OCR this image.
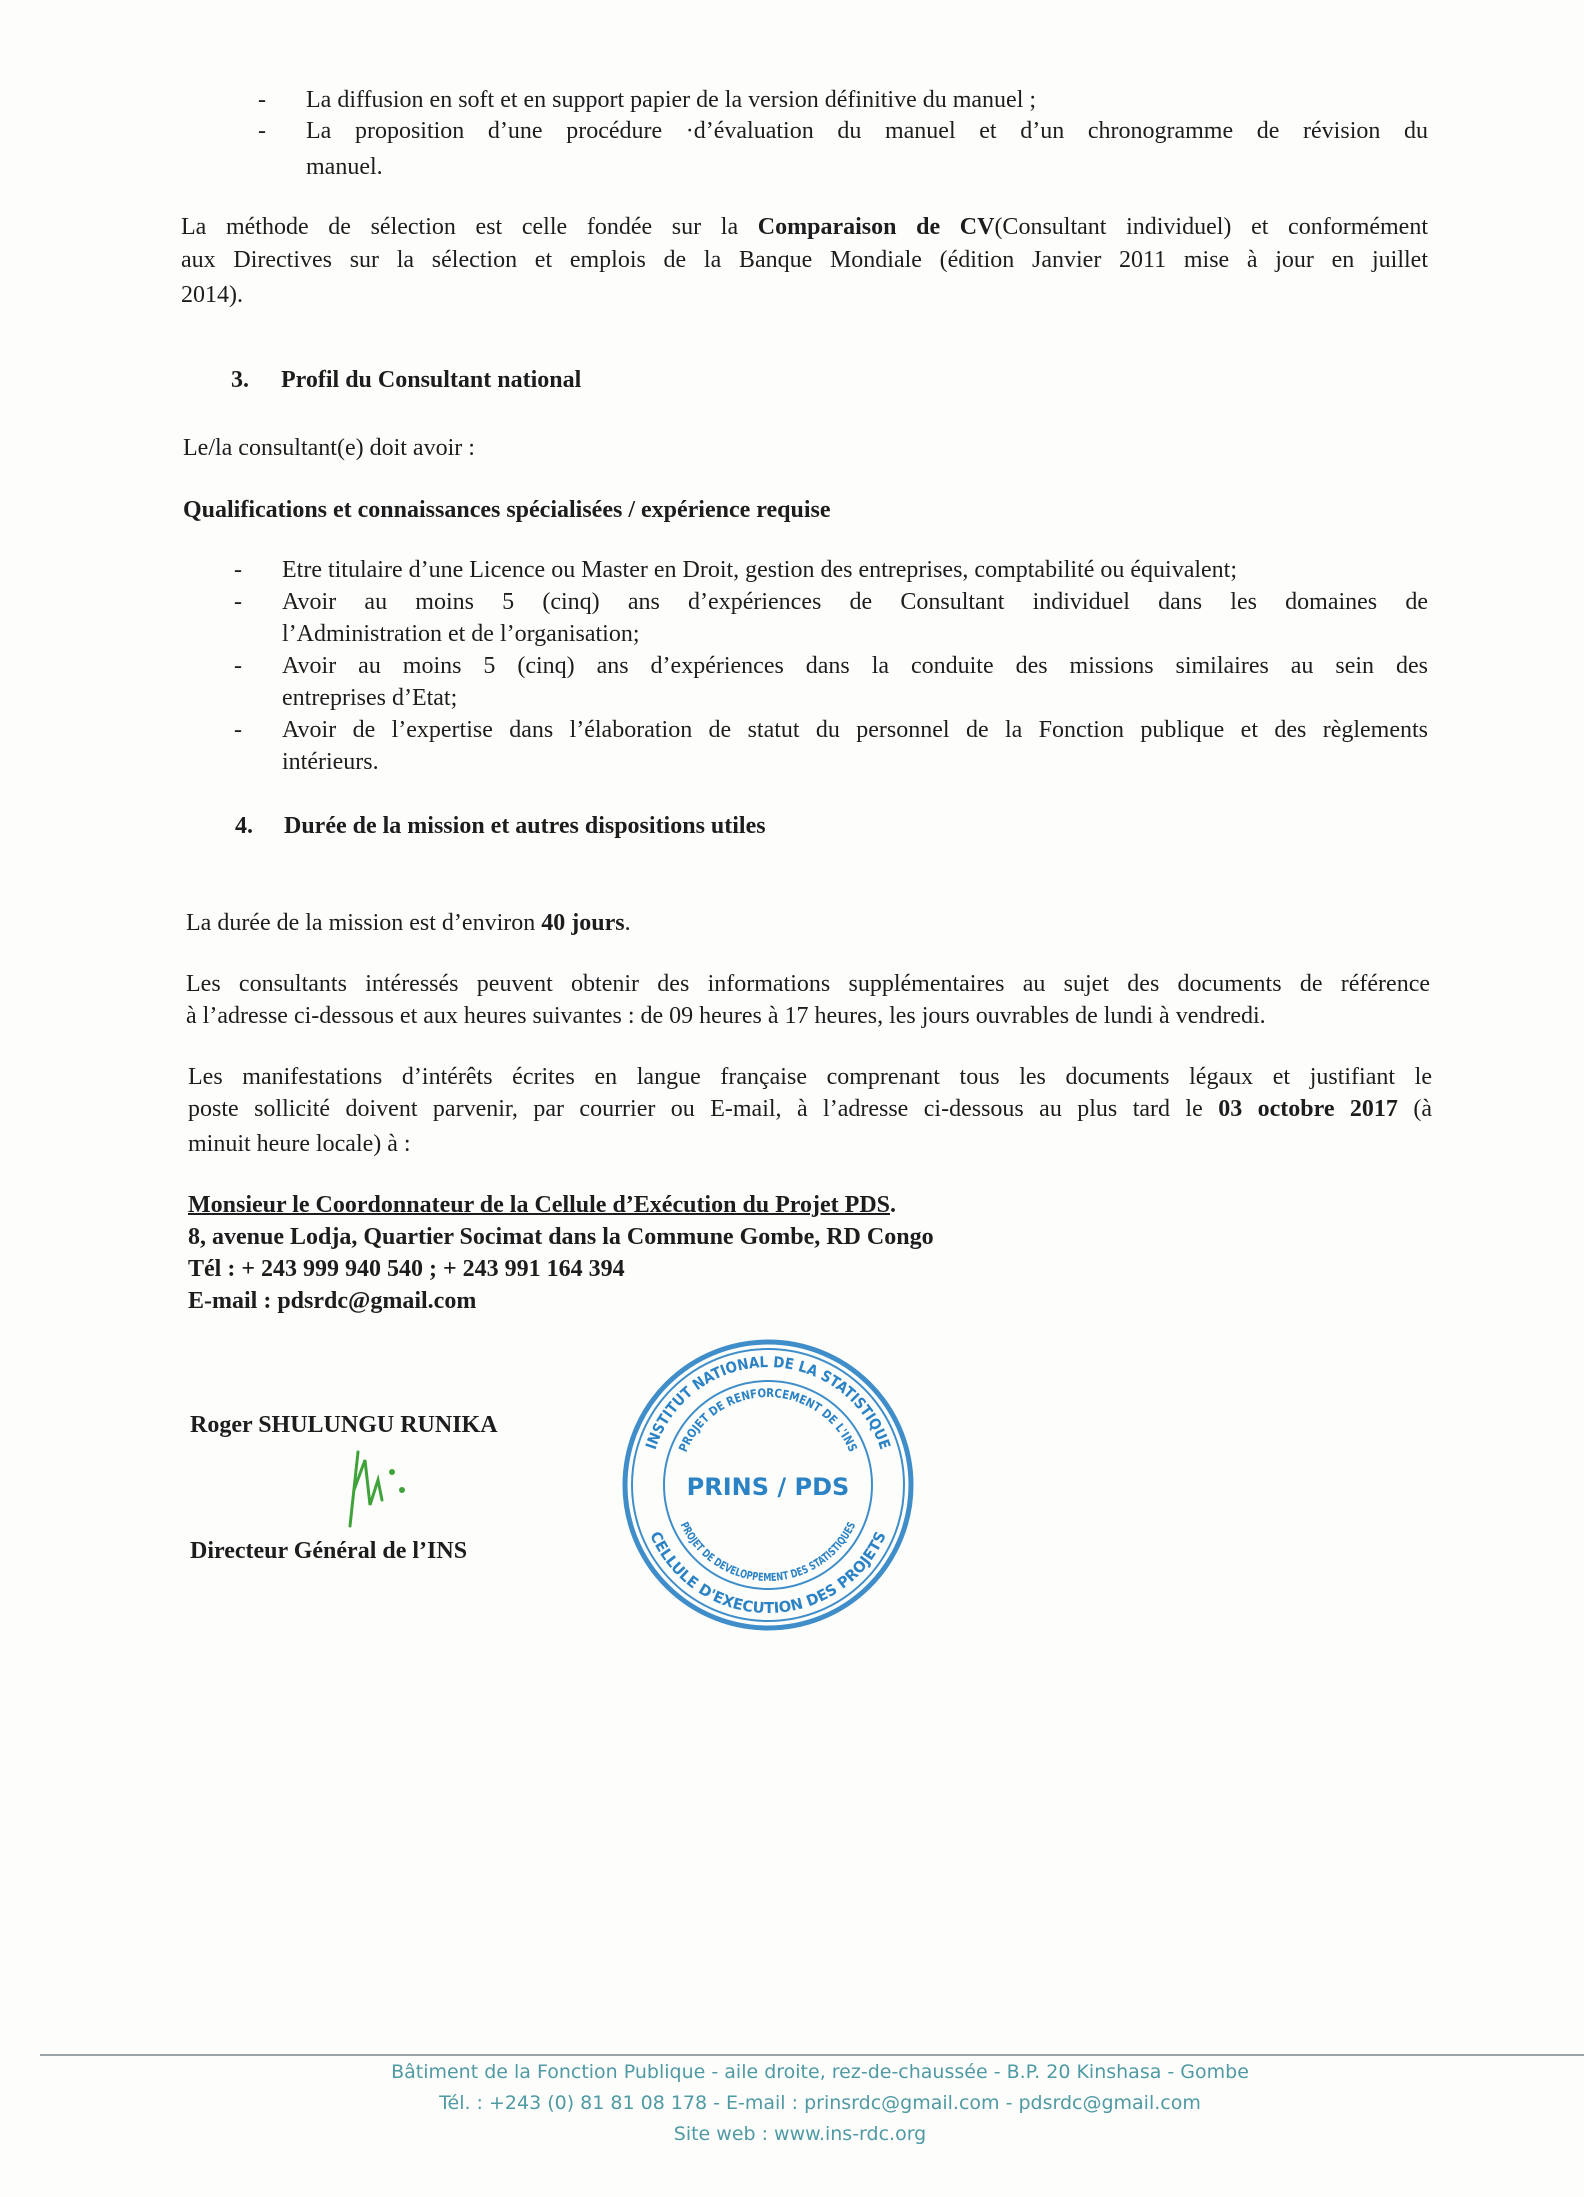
- La diffusion en soft et en support papier de la version définitive du manuel ;
- La proposition d’une procédure ·d’évaluation du manuel et d’un chronogramme de révision du
manuel.
La méthode de sélection est celle fondée sur la Comparaison de CV(Consultant individuel) et conformément
aux Directives sur la sélection et emplois de la Banque Mondiale (édition Janvier 2011 mise à jour en juillet
2014).
3. Profil du Consultant national
Le/la consultant(e) doit avoir :
Qualifications et connaissances spécialisées / expérience requise
- Etre titulaire d’une Licence ou Master en Droit, gestion des entreprises, comptabilité ou équivalent;
- Avoir au moins 5 (cinq) ans d’expériences de Consultant individuel dans les domaines de
l’Administration et de l’organisation;
- Avoir au moins 5 (cinq) ans d’expériences dans la conduite des missions similaires au sein des
entreprises d’Etat;
- Avoir de l’expertise dans l’élaboration de statut du personnel de la Fonction publique et des règlements
intérieurs.
4. Durée de la mission et autres dispositions utiles
La durée de la mission est d’environ 40 jours.
Les consultants intéressés peuvent obtenir des informations supplémentaires au sujet des documents de référence
à l’adresse ci-dessous et aux heures suivantes : de 09 heures à 17 heures, les jours ouvrables de lundi à vendredi.
Les manifestations d’intérêts écrites en langue française comprenant tous les documents légaux et justifiant le
poste sollicité doivent parvenir, par courrier ou E-mail, à l’adresse ci-dessous au plus tard le 03 octobre 2017 (à
minuit heure locale) à :
Monsieur le Coordonnateur de la Cellule d’Exécution du Projet PDS.
8, avenue Lodja, Quartier Socimat dans la Commune Gombe, RD Congo
Tél : + 243 999 940 540 ; + 243 991 164 394
E-mail : pdsrdc@gmail.com
Roger SHULUNGU RUNIKA
Directeur Général de l’INS
INSTITUT NATIONAL DE LA STATISTIQUE
PROJET DE RENFORCEMENT DE L'INS
PROJET DE DEVELOPPEMENT DES STATISTIQUES
CELLULE D'EXECUTION DES PROJETS
PRINS / PDS
Bâtiment de la Fonction Publique - aile droite, rez-de-chaussée - B.P. 20 Kinshasa - Gombe
Tél. : +243 (0) 81 81 08 178 - E-mail : prinsrdc@gmail.com - pdsrdc@gmail.com
Site web : www.ins-rdc.org
